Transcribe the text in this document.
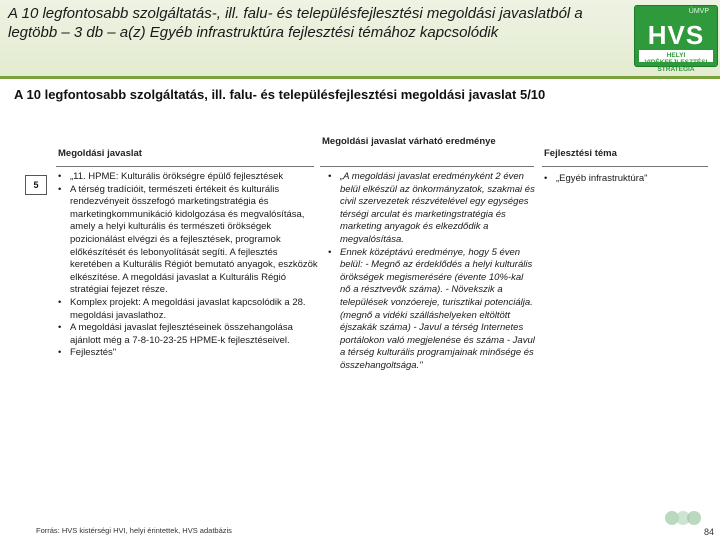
A 10 legfontosabb szolgáltatás-, ill. falu- és településfejlesztési megoldási javaslatból a legtöbb – 3 db – a(z) Egyéb infrastruktúra fejlesztési témához kapcsolódik
ÚMVP
HVS
HELYI VIDÉKFEJLESZTÉSI STRATÉGIA
A 10 legfontosabb szolgáltatás, ill. falu- és településfejlesztési megoldási javaslat 5/10
Megoldási javaslat
Megoldási javaslat várható eredménye
Fejlesztési téma
5
• „11. HPME: Kulturális örökségre épülő fejlesztések
• A térség tradícióit, természeti értékeit és kulturális rendezvényeit összefogó marketingstratégia és marketingkommunikáció kidolgozása és megvalósítása, amely a helyi kulturális és természeti örökségek pozicionálást elvégzi és a fejlesztések, programok előkészítését és lebonyolítását segíti. A fejlesztés keretében a Kulturális Régiót bemutató anyagok, eszközök elkészítése. A megoldási javaslat a Kulturális Régió stratégiai fejezet része.
• Komplex projekt: A megoldási javaslat kapcsolódik a 28. megoldási javaslathoz.
• A megoldási javaslat fejlesztéseinek összehangolása ajánlott még a 7-8-10-23-25 HPME-k fejlesztéseivel.
• Fejlesztés"
• „A megoldási javaslat eredményként 2 éven belül elkészül az önkormányzatok, szakmai és civil szervezetek részvételével egy egységes térségi arculat és marketingstratégia és marketing anyagok és elkezdődik a megvalósítása.
• Ennek középtávú eredménye, hogy 5 éven belül: - Megnő az érdeklődés a helyi kulturális örökségek megismerésére (évente 10%-kal nő a résztvevők száma). - Növekszik a települések vonzóereje, turisztikai potenciálja. (megnő a vidéki szálláshelyeken eltöltött éjszakák száma) - Javul a térség Internetes portálokon való megjelenése és száma - Javul a térség kulturális programjainak minősége és összehangoltsága."
• „Egyéb infrastruktúra"
Forrás: HVS kistérségi HVI, helyi érintettek, HVS adatbázis	84
